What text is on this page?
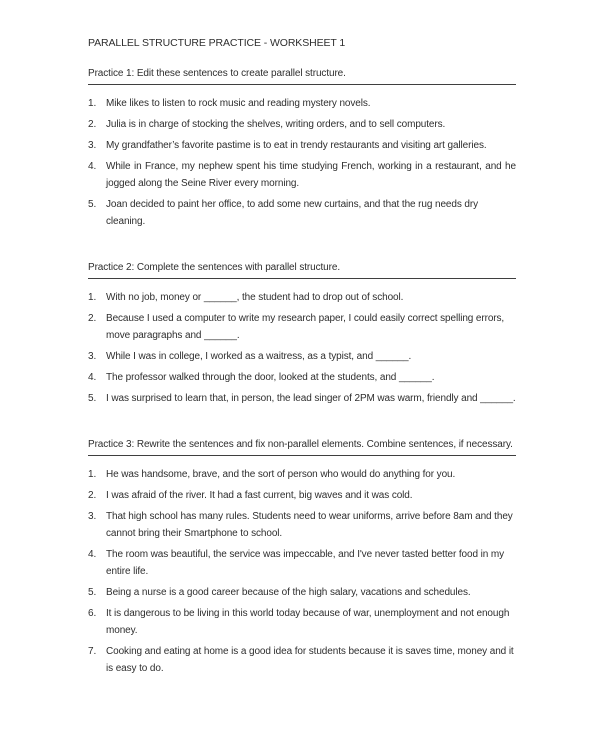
PARALLEL STRUCTURE PRACTICE - WORKSHEET 1
Practice 1: Edit these sentences to create parallel structure.
1. Mike likes to listen to rock music and reading mystery novels.
2. Julia is in charge of stocking the shelves, writing orders, and to sell computers.
3. My grandfather’s favorite pastime is to eat in trendy restaurants and visiting art galleries.
4. While in France, my nephew spent his time studying French, working in a restaurant, and he jogged along the Seine River every morning.
5. Joan decided to paint her office, to add some new curtains, and that the rug needs dry cleaning.
Practice 2: Complete the sentences with parallel structure.
1. With no job, money or ______, the student had to drop out of school.
2. Because I used a computer to write my research paper, I could easily correct spelling errors, move paragraphs and ______.
3. While I was in college, I worked as a waitress, as a typist, and ______.
4. The professor walked through the door, looked at the students, and ______.
5. I was surprised to learn that, in person, the lead singer of 2PM was warm, friendly and ______.
Practice 3: Rewrite the sentences and fix non-parallel elements. Combine sentences, if necessary.
1. He was handsome, brave, and the sort of person who would do anything for you.
2. I was afraid of the river. It had a fast current, big waves and it was cold.
3. That high school has many rules. Students need to wear uniforms, arrive before 8am and they cannot bring their Smartphone to school.
4. The room was beautiful, the service was impeccable, and I've never tasted better food in my entire life.
5. Being a nurse is a good career because of the high salary, vacations and schedules.
6. It is dangerous to be living in this world today because of war, unemployment and not enough money.
7. Cooking and eating at home is a good idea for students because it is saves time, money and it is easy to do.
